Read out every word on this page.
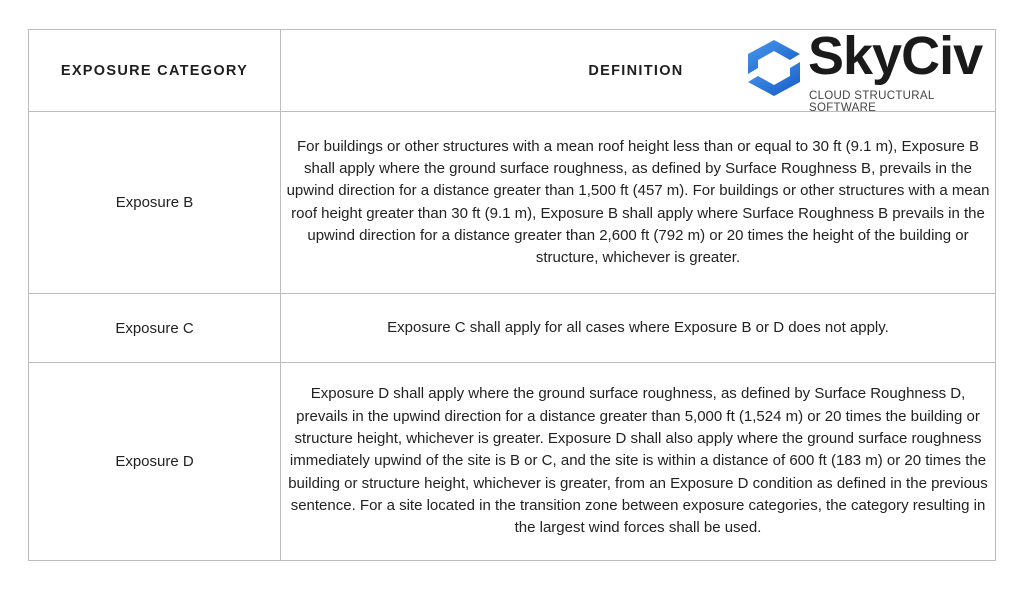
EXPOSURE CATEGORY	DEFINITION
Exposure B
For buildings or other structures with a mean roof height less than or equal to 30 ft (9.1 m), Exposure B shall apply where the ground surface roughness, as defined by Surface Roughness B, prevails in the upwind direction for a distance greater than 1,500 ft (457 m). For buildings or other structures with a mean roof height greater than 30 ft (9.1 m), Exposure B shall apply where Surface Roughness B prevails in the upwind direction for a distance greater than 2,600 ft (792 m) or 20 times the height of the building or structure, whichever is greater.
Exposure C	Exposure C shall apply for all cases where Exposure B or D does not apply.
Exposure D
Exposure D shall apply where the ground surface roughness, as defined by Surface Roughness D, prevails in the upwind direction for a distance greater than 5,000 ft (1,524 m) or 20 times the building or structure height, whichever is greater. Exposure D shall also apply where the ground surface roughness immediately upwind of the site is B or C, and the site is within a distance of 600 ft (183 m) or 20 times the building or structure height, whichever is greater, from an Exposure D condition as defined in the previous sentence. For a site located in the transition zone between exposure categories, the category resulting in the largest wind forces shall be used.
SkyCiv
CLOUD STRUCTURAL SOFTWARE
